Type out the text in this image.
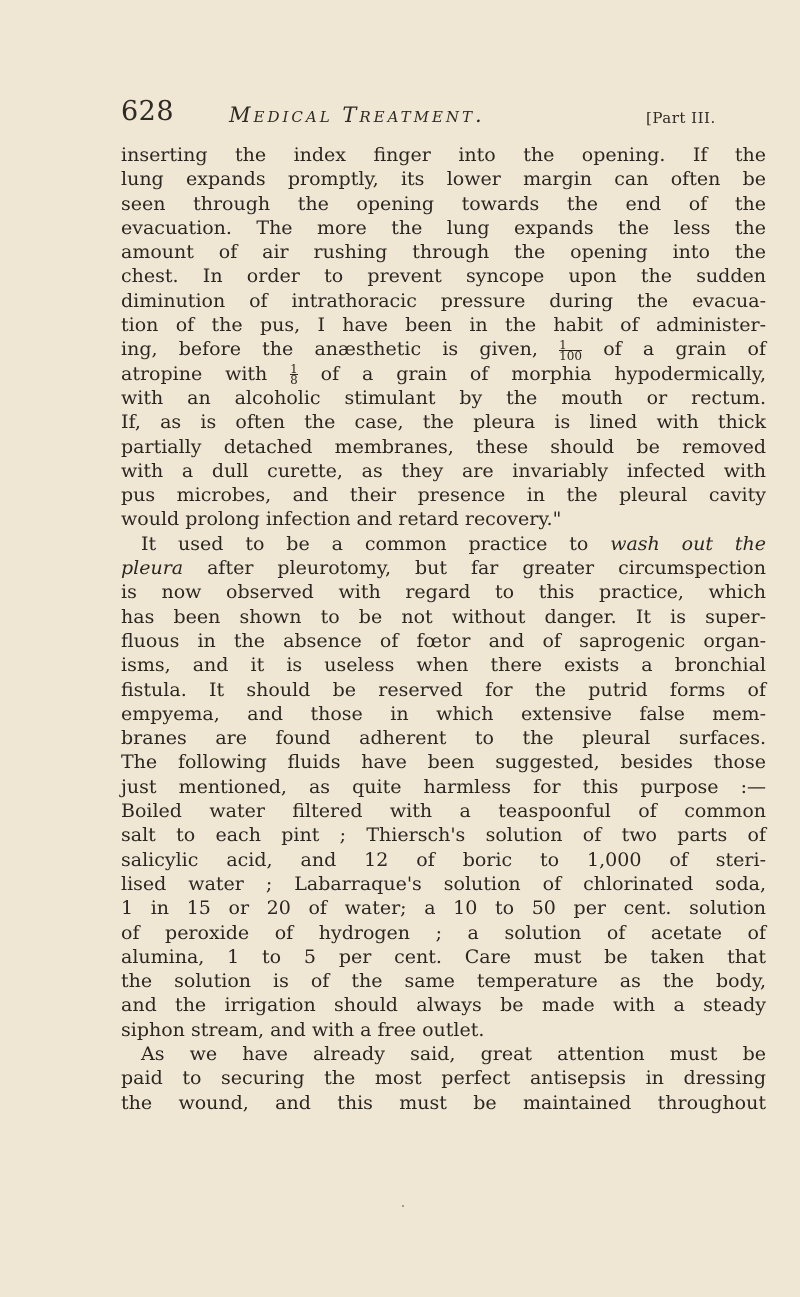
628	Medical Treatment.	[Part III.
inserting the index finger into the opening. If the
lung expands promptly, its lower margin can often be
seen through the opening towards the end of the
evacuation. The more the lung expands the less the
amount of air rushing through the opening into the
chest. In order to prevent syncope upon the sudden
diminution of intrathoracic pressure during the evacua-
tion of the pus, I have been in the habit of administer-
ing, before the anæsthetic is given, $\frac{1}{100}$ of a grain of
atropine with $\frac{1}{8}$ of a grain of morphia hypodermically,
with an alcoholic stimulant by the mouth or rectum.
If, as is often the case, the pleura is lined with thick
partially detached membranes, these should be removed
with a dull curette, as they are invariably infected with
pus microbes, and their presence in the pleural cavity
would prolong infection and retard recovery."
It used to be a common practice to wash out the
pleura after pleurotomy, but far greater circumspection
is now observed with regard to this practice, which
has been shown to be not without danger. It is super-
fluous in the absence of fœtor and of saprogenic organ-
isms, and it is useless when there exists a bronchial
fistula. It should be reserved for the putrid forms of
empyema, and those in which extensive false mem-
branes are found adherent to the pleural surfaces.
The following fluids have been suggested, besides those
just mentioned, as quite harmless for this purpose :—
Boiled water filtered with a teaspoonful of common
salt to each pint ; Thiersch's solution of two parts of
salicylic acid, and 12 of boric to 1,000 of steri-
lised water ; Labarraque's solution of chlorinated soda,
1 in 15 or 20 of water; a 10 to 50 per cent. solution
of peroxide of hydrogen ; a solution of acetate of
alumina, 1 to 5 per cent. Care must be taken that
the solution is of the same temperature as the body,
and the irrigation should always be made with a steady
siphon stream, and with a free outlet.
As we have already said, great attention must be
paid to securing the most perfect antisepsis in dressing
the wound, and this must be maintained throughout
